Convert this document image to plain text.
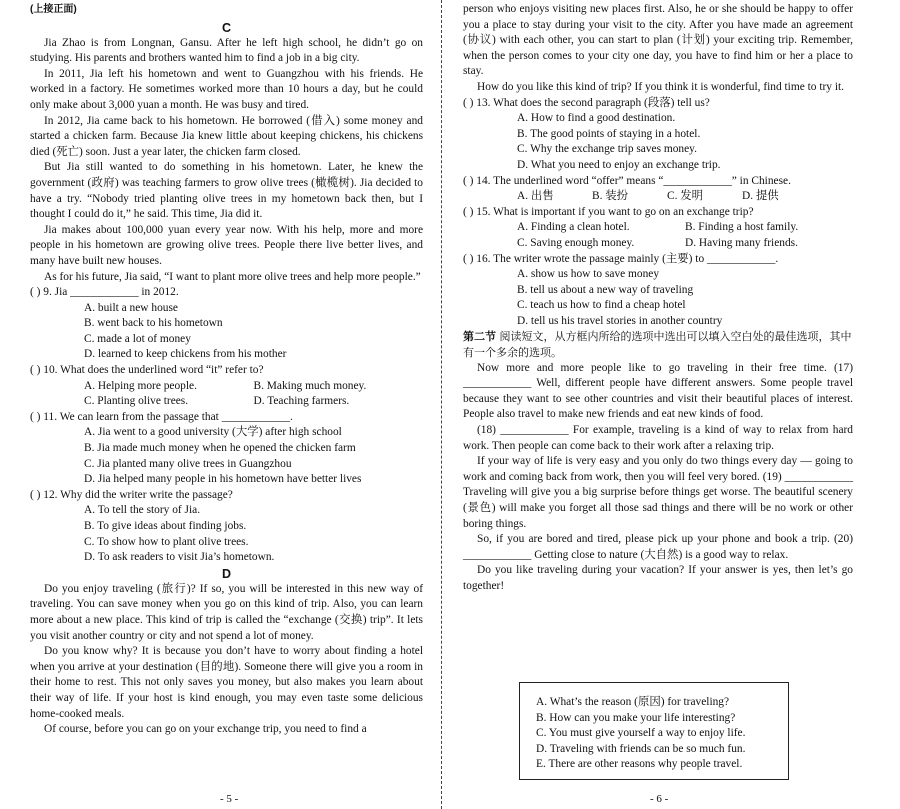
(上接正面)
C

Jia Zhao is from Longnan, Gansu. After he left high school, he didn’t go on studying. His parents and brothers wanted him to find a job in a big city.

In 2011, Jia left his hometown and went to Guangzhou with his friends. He worked in a factory. He sometimes worked more than 10 hours a day, but he could only make about 3,000 yuan a month. He was busy and tired.

In 2012, Jia came back to his hometown. He borrowed (借入) some money and started a chicken farm. Because Jia knew little about keeping chickens, his chickens died (死亡) soon. Just a year later, the chicken farm closed.

But Jia still wanted to do something in his hometown. Later, he knew the government (政府) was teaching farmers to grow olive trees (橄榄树). Jia decided to have a try. “Nobody tried planting olive trees in my hometown back then, but I thought I could do it,” he said. This time, Jia did it.

Jia makes about 100,000 yuan every year now. With his help, more and more people in his hometown are growing olive trees. People there live better lives, and many have built new houses.

As for his future, Jia said, “I want to plant more olive trees and help more people.”

( ) 9. Jia ____________ in 2012.
A. built a new house
B. went back to his hometown
C. made a lot of money
D. learned to keep chickens from his mother
( ) 10. What does the underlined word “it” refer to?
A. Helping more people.	B. Making much money.
C. Planting olive trees.	D. Teaching farmers.
( ) 11. We can learn from the passage that ____________.
A. Jia went to a good university (大学) after high school
B. Jia made much money when he opened the chicken farm
C. Jia planted many olive trees in Guangzhou
D. Jia helped many people in his hometown have better lives
( ) 12. Why did the writer write the passage?
A. To tell the story of Jia.
B. To give ideas about finding jobs.
C. To show how to plant olive trees.
D. To ask readers to visit Jia’s hometown.
D

Do you enjoy traveling (旅行)? If so, you will be interested in this new way of traveling. You can save money when you go on this kind of trip. Also, you can learn more about a new place. This kind of trip is called the “exchange (交换) trip”. It lets you visit another country or city and not spend a lot of money.

Do you know why? It is because you don’t have to worry about finding a hotel when you arrive at your destination (目的地). Someone there will give you a room in their home to rest. This not only saves you money, but also makes you learn about their way of life. If your host is kind enough, you may even taste some delicious home-cooked meals.

Of course, before you can go on your exchange trip, you need to find a

person who enjoys visiting new places first. Also, he or she should be happy to offer you a place to stay during your visit to the city. After you have made an agreement (协议) with each other, you can start to plan (计划) your exciting trip. Remember, when the person comes to your city one day, you have to find him or her a place to stay.

How do you like this kind of trip? If you think it is wonderful, find time to try it.

( ) 13. What does the second paragraph (段落) tell us?
A. How to find a good destination.
B. The good points of staying in a hotel.
C. Why the exchange trip saves money.
D. What you need to enjoy an exchange trip.
( ) 14. The underlined word “offer” means “____________” in Chinese.
A. 出售	B. 装扮	C. 发明	D. 提供
( ) 15. What is important if you want to go on an exchange trip?
A. Finding a clean hotel.	B. Finding a host family.
C. Saving enough money.	D. Having many friends.
( ) 16. The writer wrote the passage mainly (主要) to ____________.
A. show us how to save money
B. tell us about a new way of traveling
C. teach us how to find a cheap hotel
D. tell us his travel stories in another country
第二节 阅读短文，从方框内所给的选项中选出可以填入空白处的最佳选项，其中有一个多余的选项。

Now more and more people like to go traveling in their free time. (17) ____________ Well, different people have different answers. Some people travel because they want to see other countries and visit their beautiful places of interest. People also travel to make new friends and eat new kinds of food.

(18) ____________ For example, traveling is a kind of way to relax from hard work. Then people can come back to their work after a relaxing trip.

If your way of life is very easy and you only do two things every day — going to work and coming back from work, then you will feel very bored. (19) ____________ Traveling will give you a big surprise before things get worse. The beautiful scenery (景色) will make you forget all those sad things and there will be no work or other boring things.

So, if you are bored and tired, please pick up your phone and book a trip. (20) ____________ Getting close to nature (大自然) is a good way to relax.

Do you like traveling during your vacation? If your answer is yes, then let’s go together!

A. What’s the reason (原因) for traveling?
B. How can you make your life interesting?
C. You must give yourself a way to enjoy life.
D. Traveling with friends can be so much fun.
E. There are other reasons why people travel.
- 5 -	- 6 -
